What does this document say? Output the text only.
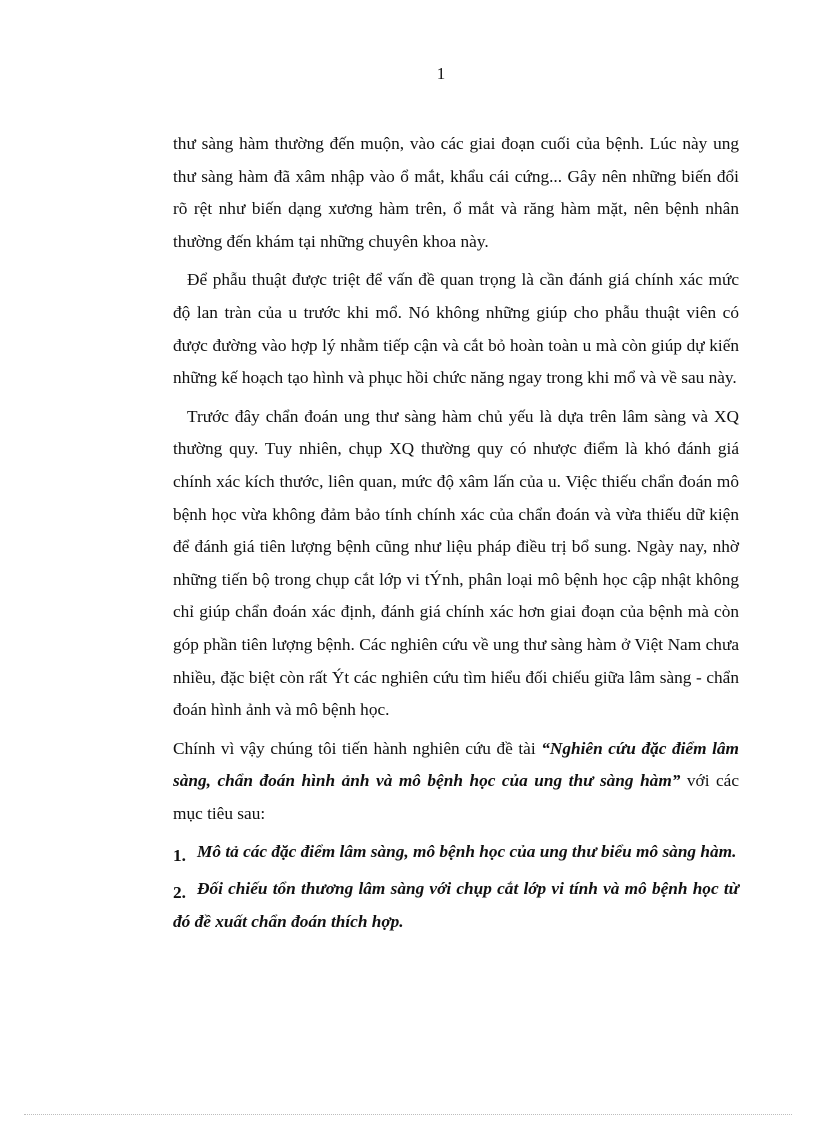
1

thư sàng hàm thường đến muộn, vào các giai đoạn cuối của bệnh. Lúc này ung thư sàng hàm đã xâm nhập vào ổ mắt, khẩu cái cứng... Gây nên những biến đổi rõ rệt như biến dạng xương hàm trên, ổ mắt và răng hàm mặt, nên bệnh nhân thường đến khám tại những chuyên khoa này.

Để phẫu thuật được triệt để vấn đề quan trọng là cần đánh giá chính xác mức độ lan tràn của u trước khi mổ. Nó không những giúp cho phẫu thuật viên có được đường vào hợp lý nhằm tiếp cận và cắt bỏ hoàn toàn u mà còn giúp dự kiến những kế hoạch tạo hình và phục hồi chức năng ngay trong khi mổ và về sau này.

Trước đây chẩn đoán ung thư sàng hàm chủ yếu là dựa trên lâm sàng và XQ thường quy. Tuy nhiên, chụp XQ thường quy có nhược điểm là khó đánh giá chính xác kích thước, liên quan, mức độ xâm lấn của u. Việc thiếu chẩn đoán mô bệnh học vừa không đảm bảo tính chính xác của chẩn đoán và vừa thiếu dữ kiện để đánh giá tiên lượng bệnh cũng như liệu pháp điều trị bổ sung. Ngày nay, nhờ những tiến bộ trong chụp cắt lớp vi tÝnh, phân loại mô bệnh học cập nhật không chỉ giúp chẩn đoán xác định, đánh giá chính xác hơn giai đoạn của bệnh mà còn góp phần tiên lượng bệnh. Các nghiên cứu về ung thư sàng hàm ở Việt Nam chưa nhiều, đặc biệt còn rất Ýt các nghiên cứu tìm hiểu đối chiếu giữa lâm sàng - chẩn đoán hình ảnh và mô bệnh học.

Chính vì vậy chúng tôi tiến hành nghiên cứu đề tài “Nghiên cứu đặc điểm lâm sàng, chẩn đoán hình ảnh và mô bệnh học của ung thư sàng hàm” với các mục tiêu sau:

1. Mô tả các đặc điểm lâm sàng, mô bệnh học của ung thư biểu mô sàng hàm.
2. Đối chiếu tổn thương lâm sàng với chụp cắt lớp vi tính và mô bệnh học từ đó đề xuất chẩn đoán thích hợp.
